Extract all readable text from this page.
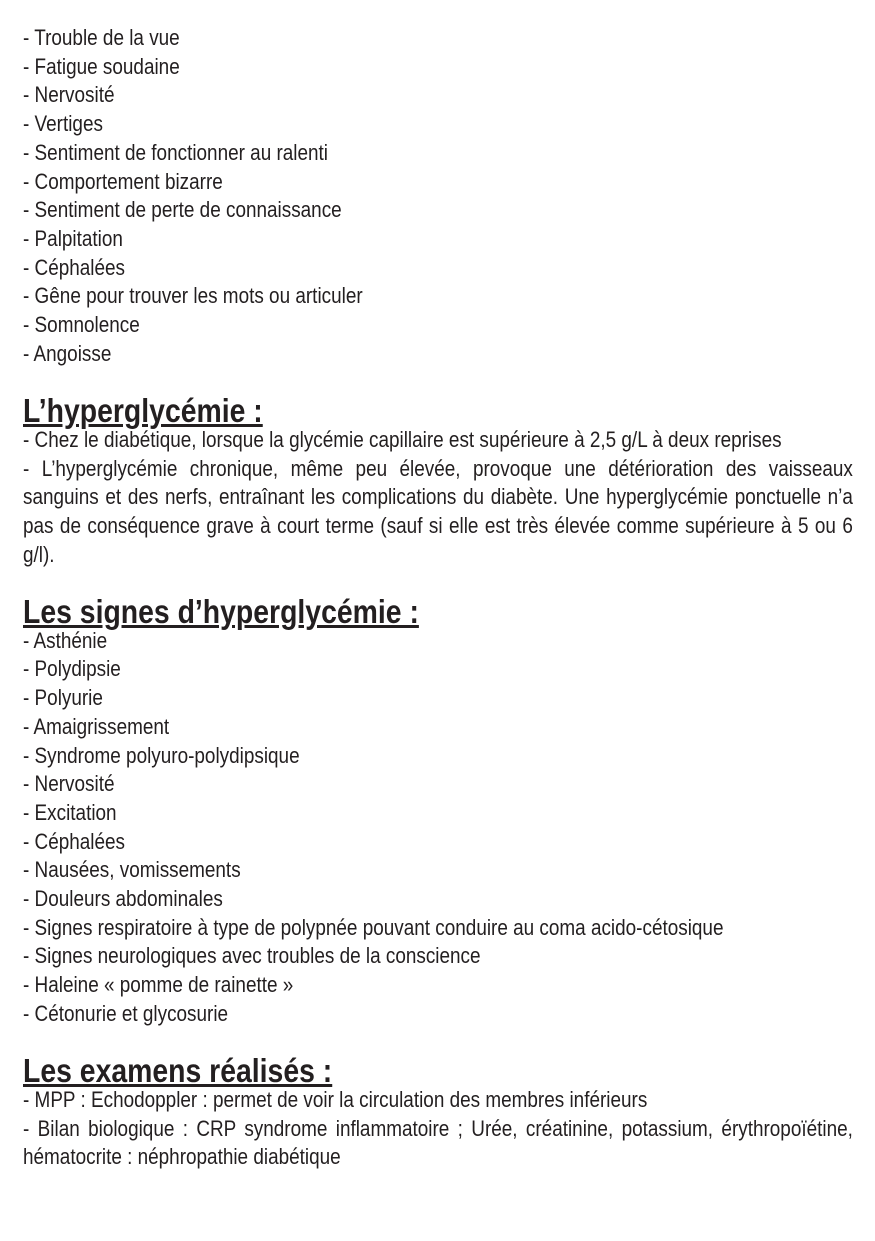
- Trouble de la vue

- Fatigue soudaine

- Nervosité

- Vertiges

- Sentiment de fonctionner au ralenti

- Comportement bizarre

- Sentiment de perte de connaissance

- Palpitation

- Céphalées

- Gêne pour trouver les mots ou articuler

- Somnolence

- Angoisse

L’hyperglycémie :

- Chez le diabétique, lorsque la glycémie capillaire est supérieure à 2,5 g/L à deux reprises

- L’hyperglycémie chronique, même peu élevée, provoque une détérioration des vaisseaux sanguins et des nerfs, entraînant les complications du diabète. Une hyperglycémie ponctuelle n’a pas de conséquence grave à court terme (sauf si elle est très élevée comme supérieure à 5 ou 6 g/l).

Les signes d’hyperglycémie :

- Asthénie

- Polydipsie

- Polyurie

- Amaigrissement

- Syndrome polyuro-polydipsique

- Nervosité

- Excitation

- Céphalées

- Nausées, vomissements

- Douleurs abdominales

- Signes respiratoire à type de polypnée pouvant conduire au coma acido-cétosique

- Signes neurologiques avec troubles de la conscience

- Haleine « pomme de rainette »

- Cétonurie et glycosurie

Les examens réalisés :

- MPP : Echodoppler : permet de voir la circulation des membres inférieurs

- Bilan biologique : CRP syndrome inflammatoire ; Urée, créatinine, potassium, érythropoïétine, hématocrite : néphropathie diabétique
